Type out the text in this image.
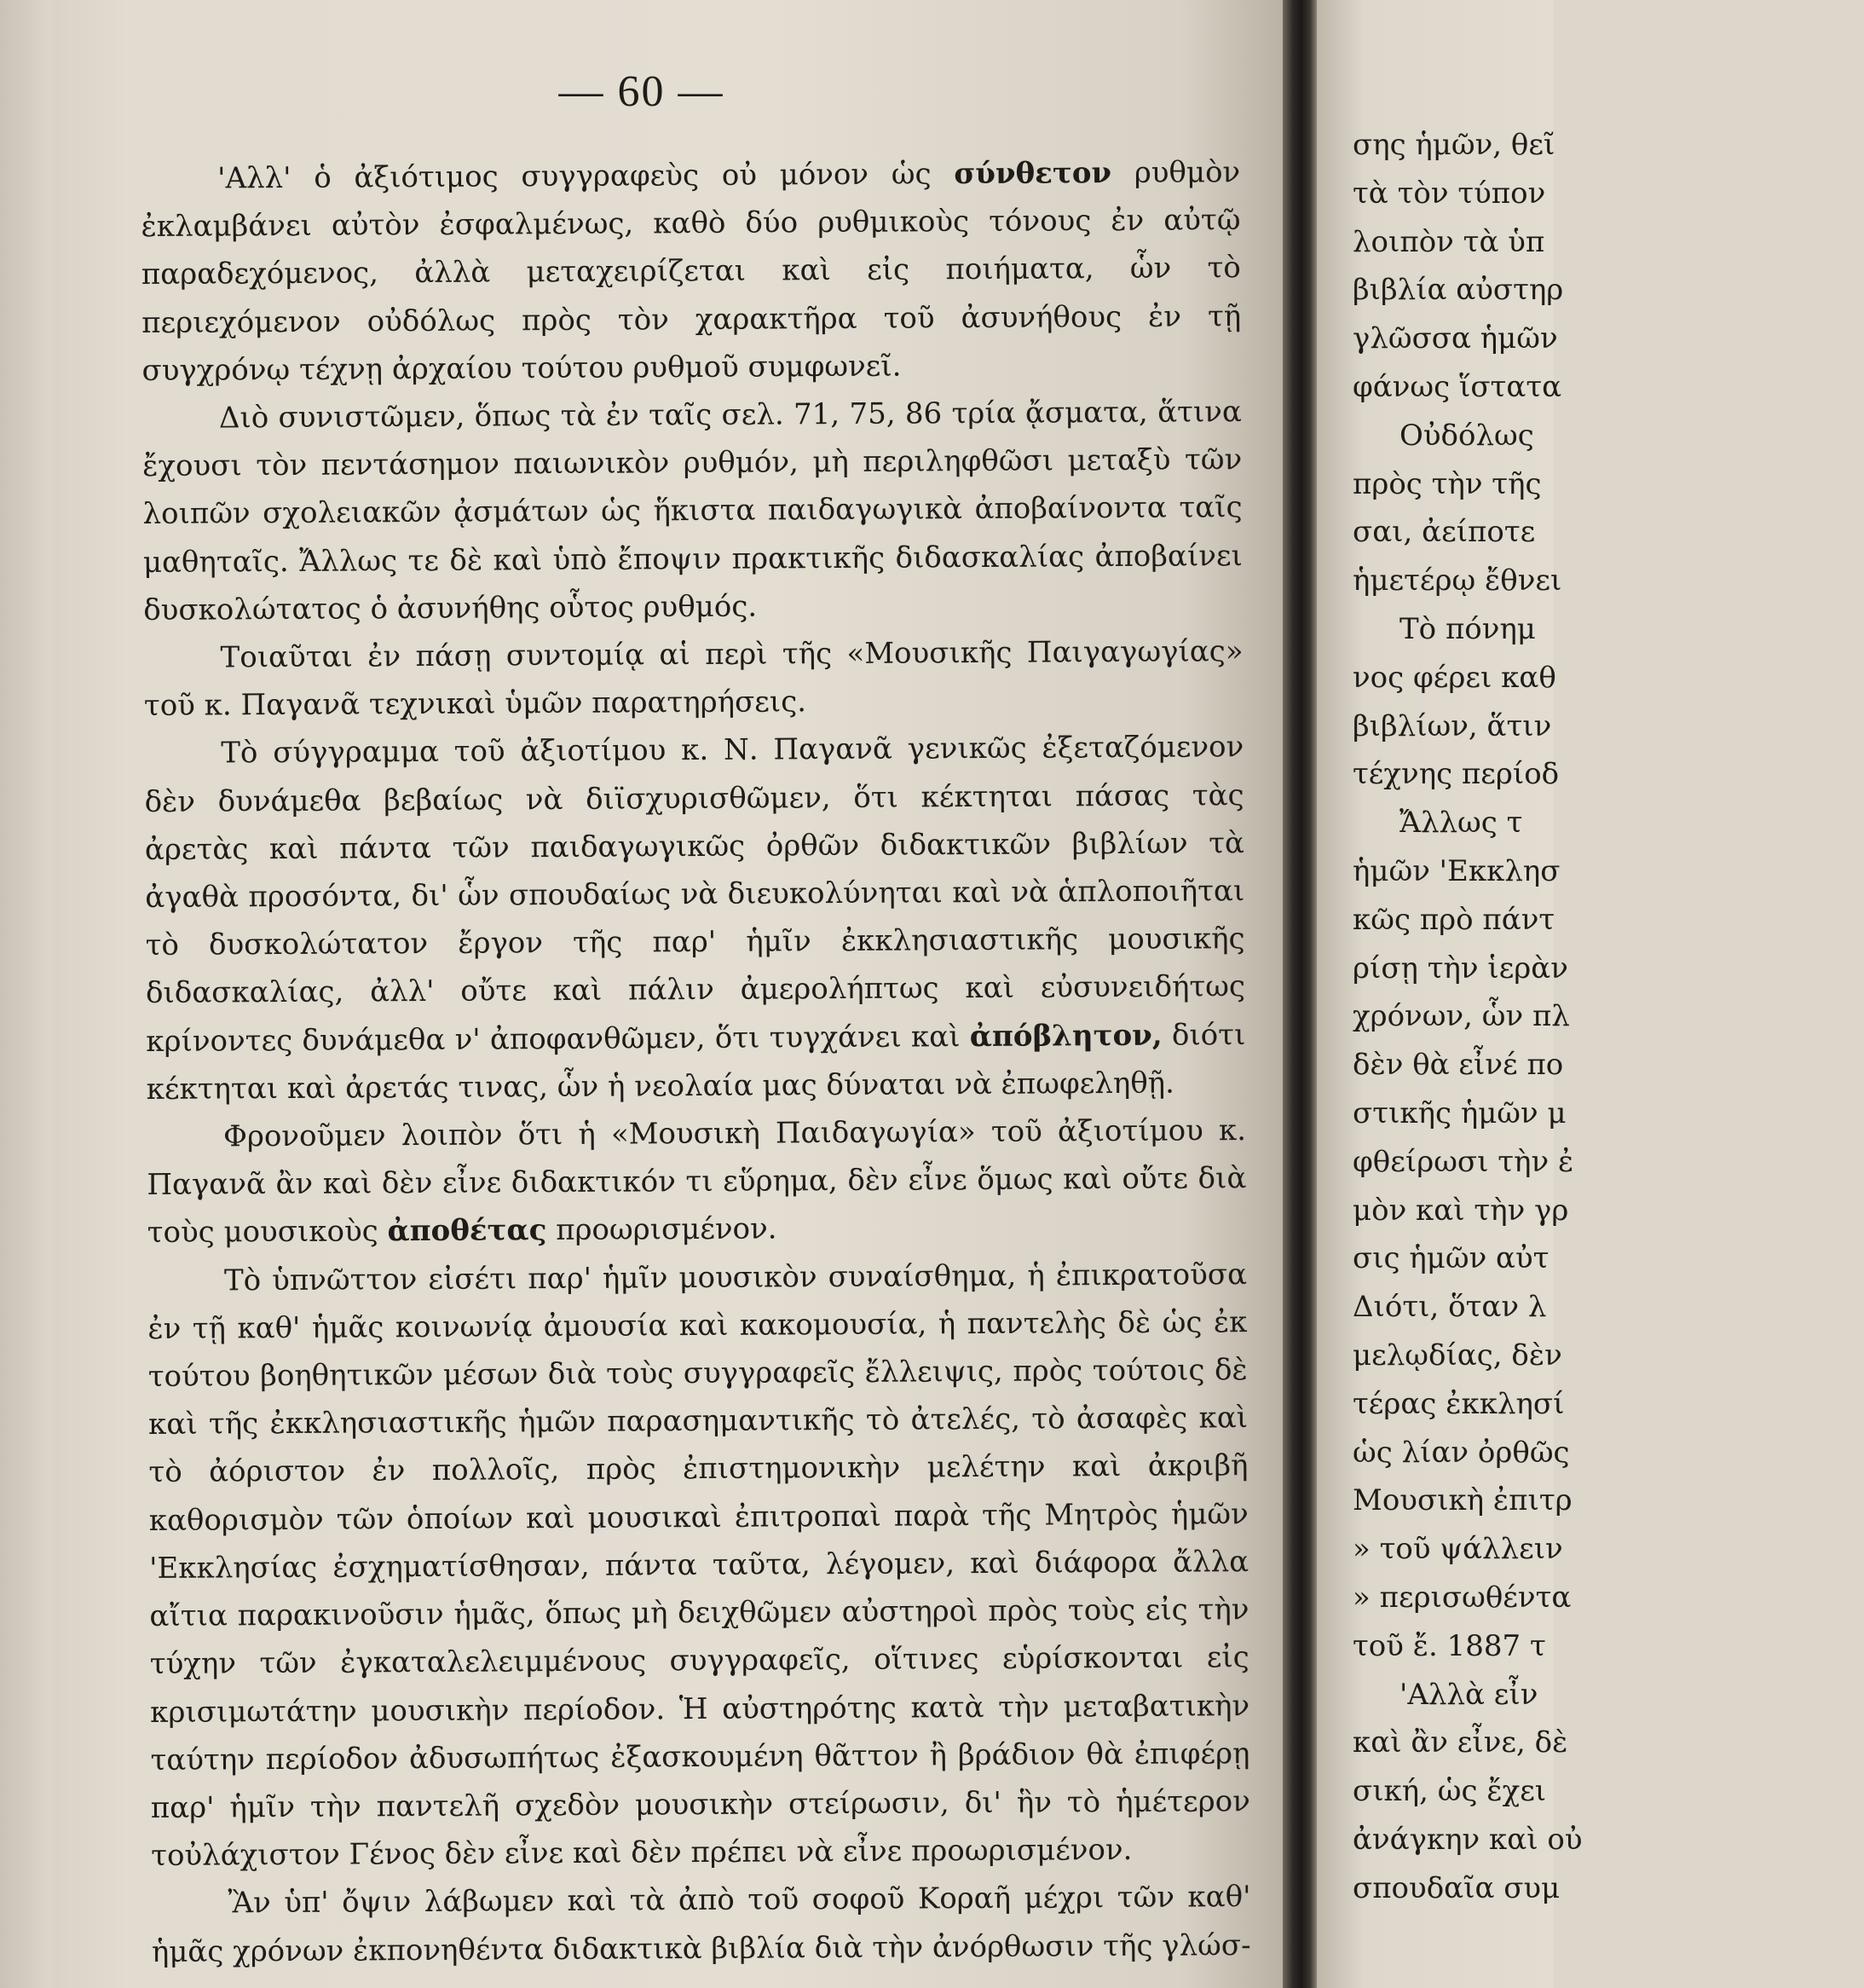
— 60 —

'Αλλ' ὁ ἀξιότιμος συγγραφεὺς οὐ μόνον ὡς σύνθετον ρυθμὸν ἐκλαμβάνει αὐτὸν ἐσφαλμένως, καθὸ δύο ρυθμικοὺς τόνους ἐν αὐτῷ παραδεχόμενος, ἀλλὰ μεταχειρίζεται καὶ εἰς ποιήματα, ὧν τὸ περιεχόμενον οὐδόλως πρὸς τὸν χαρακτῆρα τοῦ ἀσυνήθους ἐν τῇ συγχρόνῳ τέχνῃ ἀρχαίου τούτου ρυθμοῦ συμφωνεῖ.

Διὸ συνιστῶμεν, ὅπως τὰ ἐν ταῖς σελ. 71, 75, 86 τρία ᾄσματα, ἅτινα ἔχουσι τὸν πεντάσημον παιωνικὸν ρυθμόν, μὴ περιληφθῶσι μεταξὺ τῶν λοιπῶν σχολειακῶν ᾀσμάτων ὡς ἥκιστα παιδαγωγικὰ ἀποβαίνοντα ταῖς μαθηταῖς. Ἄλλως τε δὲ καὶ ὑπὸ ἔποψιν πρακτικῆς διδασκαλίας ἀποβαίνει δυσκολώτατος ὁ ἀσυνήθης οὗτος ρυθμός.

Τοιαῦται ἐν πάσῃ συντομίᾳ αἱ περὶ τῆς «Μουσικῆς Παιγαγωγίας» τοῦ κ. Παγανᾶ τεχνικαὶ ὑμῶν παρατηρήσεις.

Τὸ σύγγραμμα τοῦ ἀξιοτίμου κ. Ν. Παγανᾶ γενικῶς ἐξεταζόμενον δὲν δυνάμεθα βεβαίως νὰ διϊσχυρισθῶμεν, ὅτι κέκτηται πάσας τὰς ἀρετὰς καὶ πάντα τῶν παιδαγωγικῶς ὀρθῶν διδακτικῶν βιβλίων τὰ ἀγαθὰ προσόντα, δι' ὧν σπουδαίως νὰ διευκολύνηται καὶ νὰ ἁπλοποιῆται τὸ δυσκολώτατον ἔργον τῆς παρ' ἡμῖν ἐκκλησιαστικῆς μουσικῆς διδασκαλίας, ἀλλ' οὔτε καὶ πάλιν ἀμερολήπτως καὶ εὐσυνειδήτως κρίνοντες δυνάμεθα ν' ἀποφανθῶμεν, ὅτι τυγχάνει καὶ ἀπόβλητον, διότι κέκτηται καὶ ἀρετάς τινας, ὧν ἡ νεολαία μας δύναται νὰ ἐπωφεληθῇ.

Φρονοῦμεν λοιπὸν ὅτι ἡ «Μουσικὴ Παιδαγωγία» τοῦ ἀξιοτίμου κ. Παγανᾶ ἂν καὶ δὲν εἶνε διδακτικόν τι εὕρημα, δὲν εἶνε ὅμως καὶ οὔτε διὰ τοὺς μουσικοὺς ἀποθέτας προωρισμένον.

Τὸ ὑπνῶττον εἰσέτι παρ' ἡμῖν μουσικὸν συναίσθημα, ἡ ἐπικρατοῦσα ἐν τῇ καθ' ἡμᾶς κοινωνίᾳ ἀμουσία καὶ κακομουσία, ἡ παντελὴς δὲ ὡς ἐκ τούτου βοηθητικῶν μέσων διὰ τοὺς συγγραφεῖς ἔλλειψις, πρὸς τούτοις δὲ καὶ τῆς ἐκκλησιαστικῆς ἡμῶν παρασημαντικῆς τὸ ἀτελές, τὸ ἀσαφὲς καὶ τὸ ἀόριστον ἐν πολλοῖς, πρὸς ἐπιστημονικὴν μελέτην καὶ ἀκριβῆ καθορισμὸν τῶν ὁποίων καὶ μουσικαὶ ἐπιτροπαὶ παρὰ τῆς Μητρὸς ἡμῶν 'Εκκλησίας ἐσχηματίσθησαν, πάντα ταῦτα, λέγομεν, καὶ διάφορα ἄλλα αἴτια παρακινοῦσιν ἡμᾶς, ὅπως μὴ δειχθῶμεν αὐστηροὶ πρὸς τοὺς εἰς τὴν τύχην τῶν ἐγκαταλελειμμένους συγγραφεῖς, οἵτινες εὑρίσκονται εἰς κρισιμωτάτην μουσικὴν περίοδον. Ἡ αὐστηρότης κατὰ τὴν μεταβατικὴν ταύτην περίοδον ἀδυσωπήτως ἐξασκουμένη θᾶττον ἢ βράδιον θὰ ἐπιφέρῃ παρ' ἡμῖν τὴν παντελῆ σχεδὸν μουσικὴν στείρωσιν, δι' ἣν τὸ ἡμέτερον τοὐλάχιστον Γένος δὲν εἶνε καὶ δὲν πρέπει νὰ εἶνε προωρισμένον.

Ἂν ὑπ' ὄψιν λάβωμεν καὶ τὰ ἀπὸ τοῦ σοφοῦ Κοραῆ μέχρι τῶν καθ' ἡμᾶς χρόνων ἐκπονηθέντα διδακτικὰ βιβλία διὰ τὴν ἀνόρθωσιν τῆς γλώσ-

σης ἡμῶν, θεῖ
τὰ τὸν τύπον
λοιπὸν τὰ ὑπ
βιβλία αὐστηρ
γλῶσσα ἡμῶν
φάνως ἵστατα
Οὐδόλως
πρὸς τὴν τῆς
σαι, ἀείποτε
ἡμετέρῳ ἔθνει
Τὸ πόνημ
νος φέρει καθ
βιβλίων, ἅτιν
τέχνης περίοδ
Ἄλλως τ
ἡμῶν 'Εκκλησ
κῶς πρὸ πάντ
ρίσῃ τὴν ἱερὰν
χρόνων, ὧν πλ
δὲν θὰ εἶνέ πο
στικῆς ἡμῶν μ
φθείρωσι τὴν ἐ
μὸν καὶ τὴν γρ
σις ἡμῶν αὐτ
Διότι, ὅταν λ
μελῳδίας, δὲν
τέρας ἐκκλησί
ὡς λίαν ὀρθῶς
Μουσικὴ ἐπιτρ
» τοῦ ψάλλειν
» περισωθέντα
τοῦ ἔ. 1887 τ
'Αλλὰ εἶν
καὶ ἂν εἶνε, δὲ
σική, ὡς ἔχει
ἀνάγκην καὶ οὐ
σπουδαῖα συμ
